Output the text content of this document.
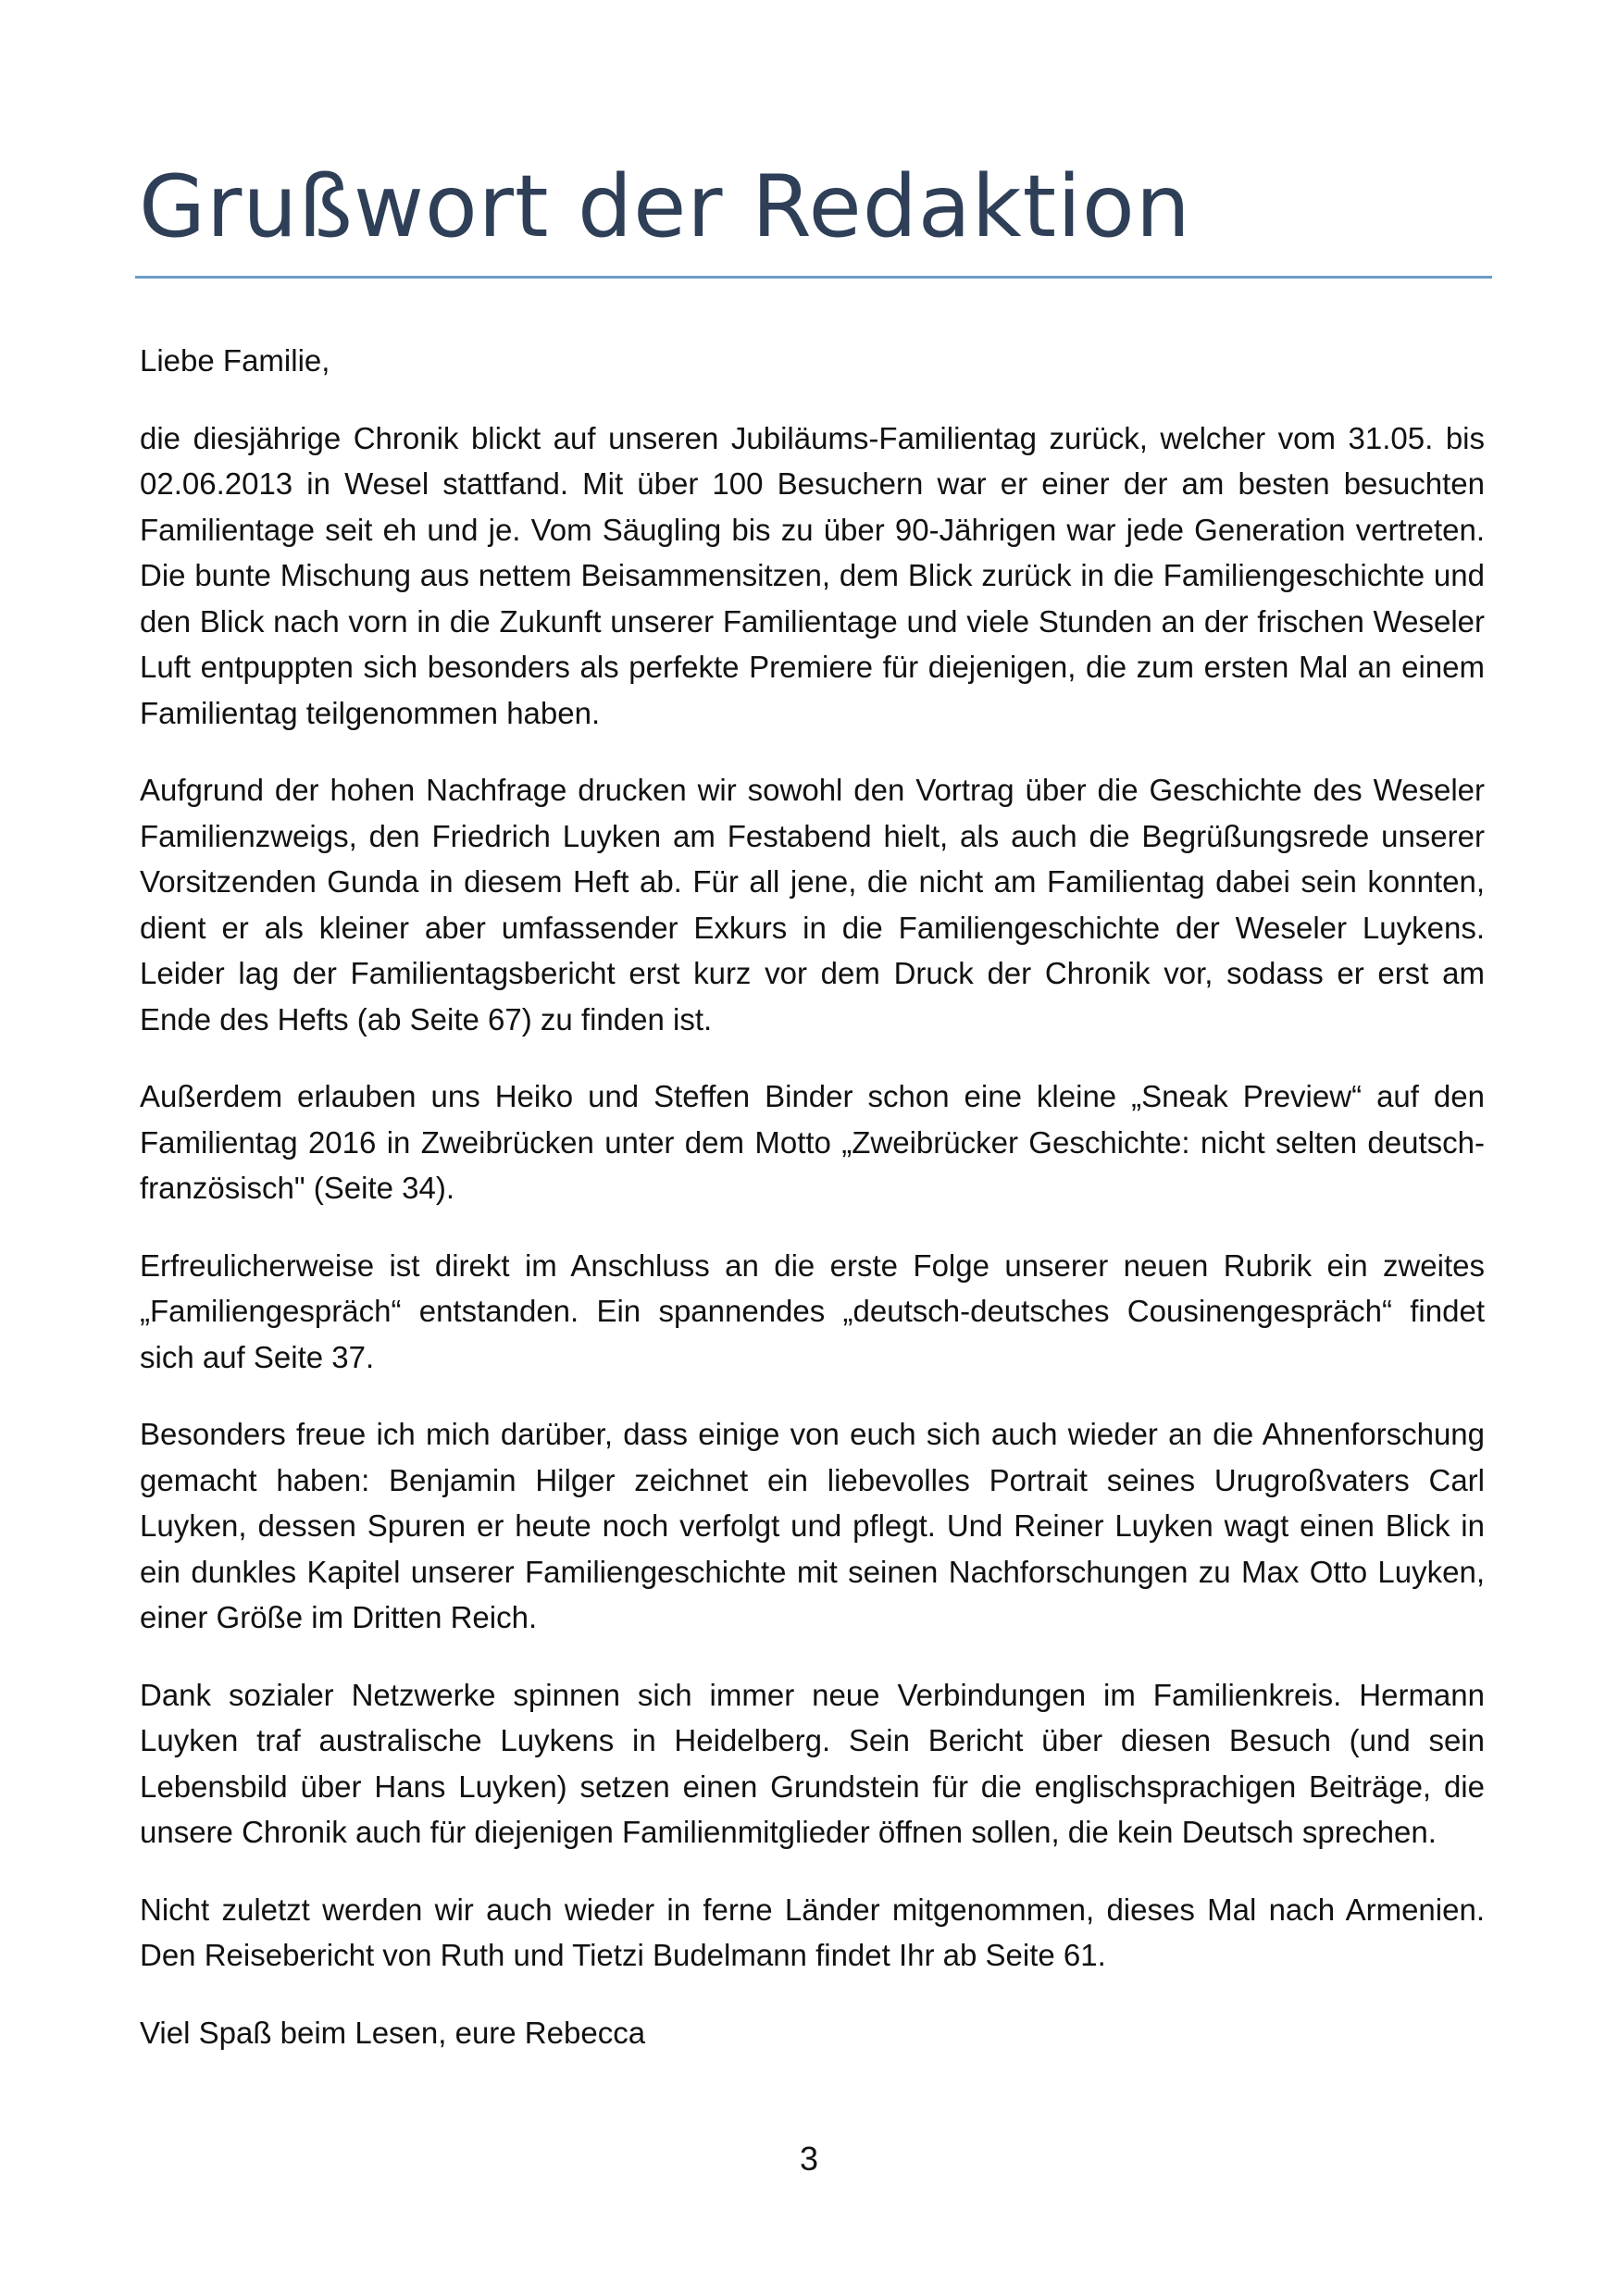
Grußwort der Redaktion

Liebe Familie,

die diesjährige Chronik blickt auf unseren Jubiläums-Familientag zurück, welcher vom 31.05. bis 02.06.2013 in Wesel stattfand. Mit über 100 Besuchern war er einer der am besten besuchten Familientage seit eh und je. Vom Säugling bis zu über 90-Jährigen war jede Generation vertreten. Die bunte Mischung aus nettem Beisammensitzen, dem Blick zurück in die Familiengeschichte und den Blick nach vorn in die Zukunft unserer Familientage und viele Stunden an der frischen Weseler Luft entpuppten sich besonders als perfekte Premiere für diejenigen, die zum ersten Mal an einem Familientag teilgenommen haben.

Aufgrund der hohen Nachfrage drucken wir sowohl den Vortrag über die Geschichte des Weseler Familienzweigs, den Friedrich Luyken am Festabend hielt, als auch die Begrüßungsrede unserer Vorsitzenden Gunda in diesem Heft ab. Für all jene, die nicht am Familientag dabei sein konnten, dient er als kleiner aber umfassender Exkurs in die Familiengeschichte der Weseler Luykens. Leider lag der Familientagsbericht erst kurz vor dem Druck der Chronik vor, sodass er erst am Ende des Hefts (ab Seite 67) zu finden ist.

Außerdem erlauben uns Heiko und Steffen Binder schon eine kleine „Sneak Preview“ auf den Familientag 2016 in Zweibrücken unter dem Motto „Zweibrücker Geschichte: nicht selten deutsch-französisch" (Seite 34).

Erfreulicherweise ist direkt im Anschluss an die erste Folge unserer neuen Rubrik ein zweites „Familiengespräch“ entstanden. Ein spannendes „deutsch-deutsches Cousinengespräch“ findet sich auf Seite 37.

Besonders freue ich mich darüber, dass einige von euch sich auch wieder an die Ahnenforschung gemacht haben: Benjamin Hilger zeichnet ein liebevolles Portrait seines Urugroßvaters Carl Luyken, dessen Spuren er heute noch verfolgt und pflegt. Und Reiner Luyken wagt einen Blick in ein dunkles Kapitel unserer Familiengeschichte mit seinen Nachforschungen zu Max Otto Luyken, einer Größe im Dritten Reich.

Dank sozialer Netzwerke spinnen sich immer neue Verbindungen im Familienkreis. Hermann Luyken traf australische Luykens in Heidelberg. Sein Bericht über diesen Besuch (und sein Lebensbild über Hans Luyken) setzen einen Grundstein für die englischsprachigen Beiträge, die unsere Chronik auch für diejenigen Familienmitglieder öffnen sollen, die kein Deutsch sprechen.

Nicht zuletzt werden wir auch wieder in ferne Länder mitgenommen, dieses Mal nach Armenien. Den Reisebericht von Ruth und Tietzi Budelmann findet Ihr ab Seite 61.

Viel Spaß beim Lesen, eure Rebecca

3
